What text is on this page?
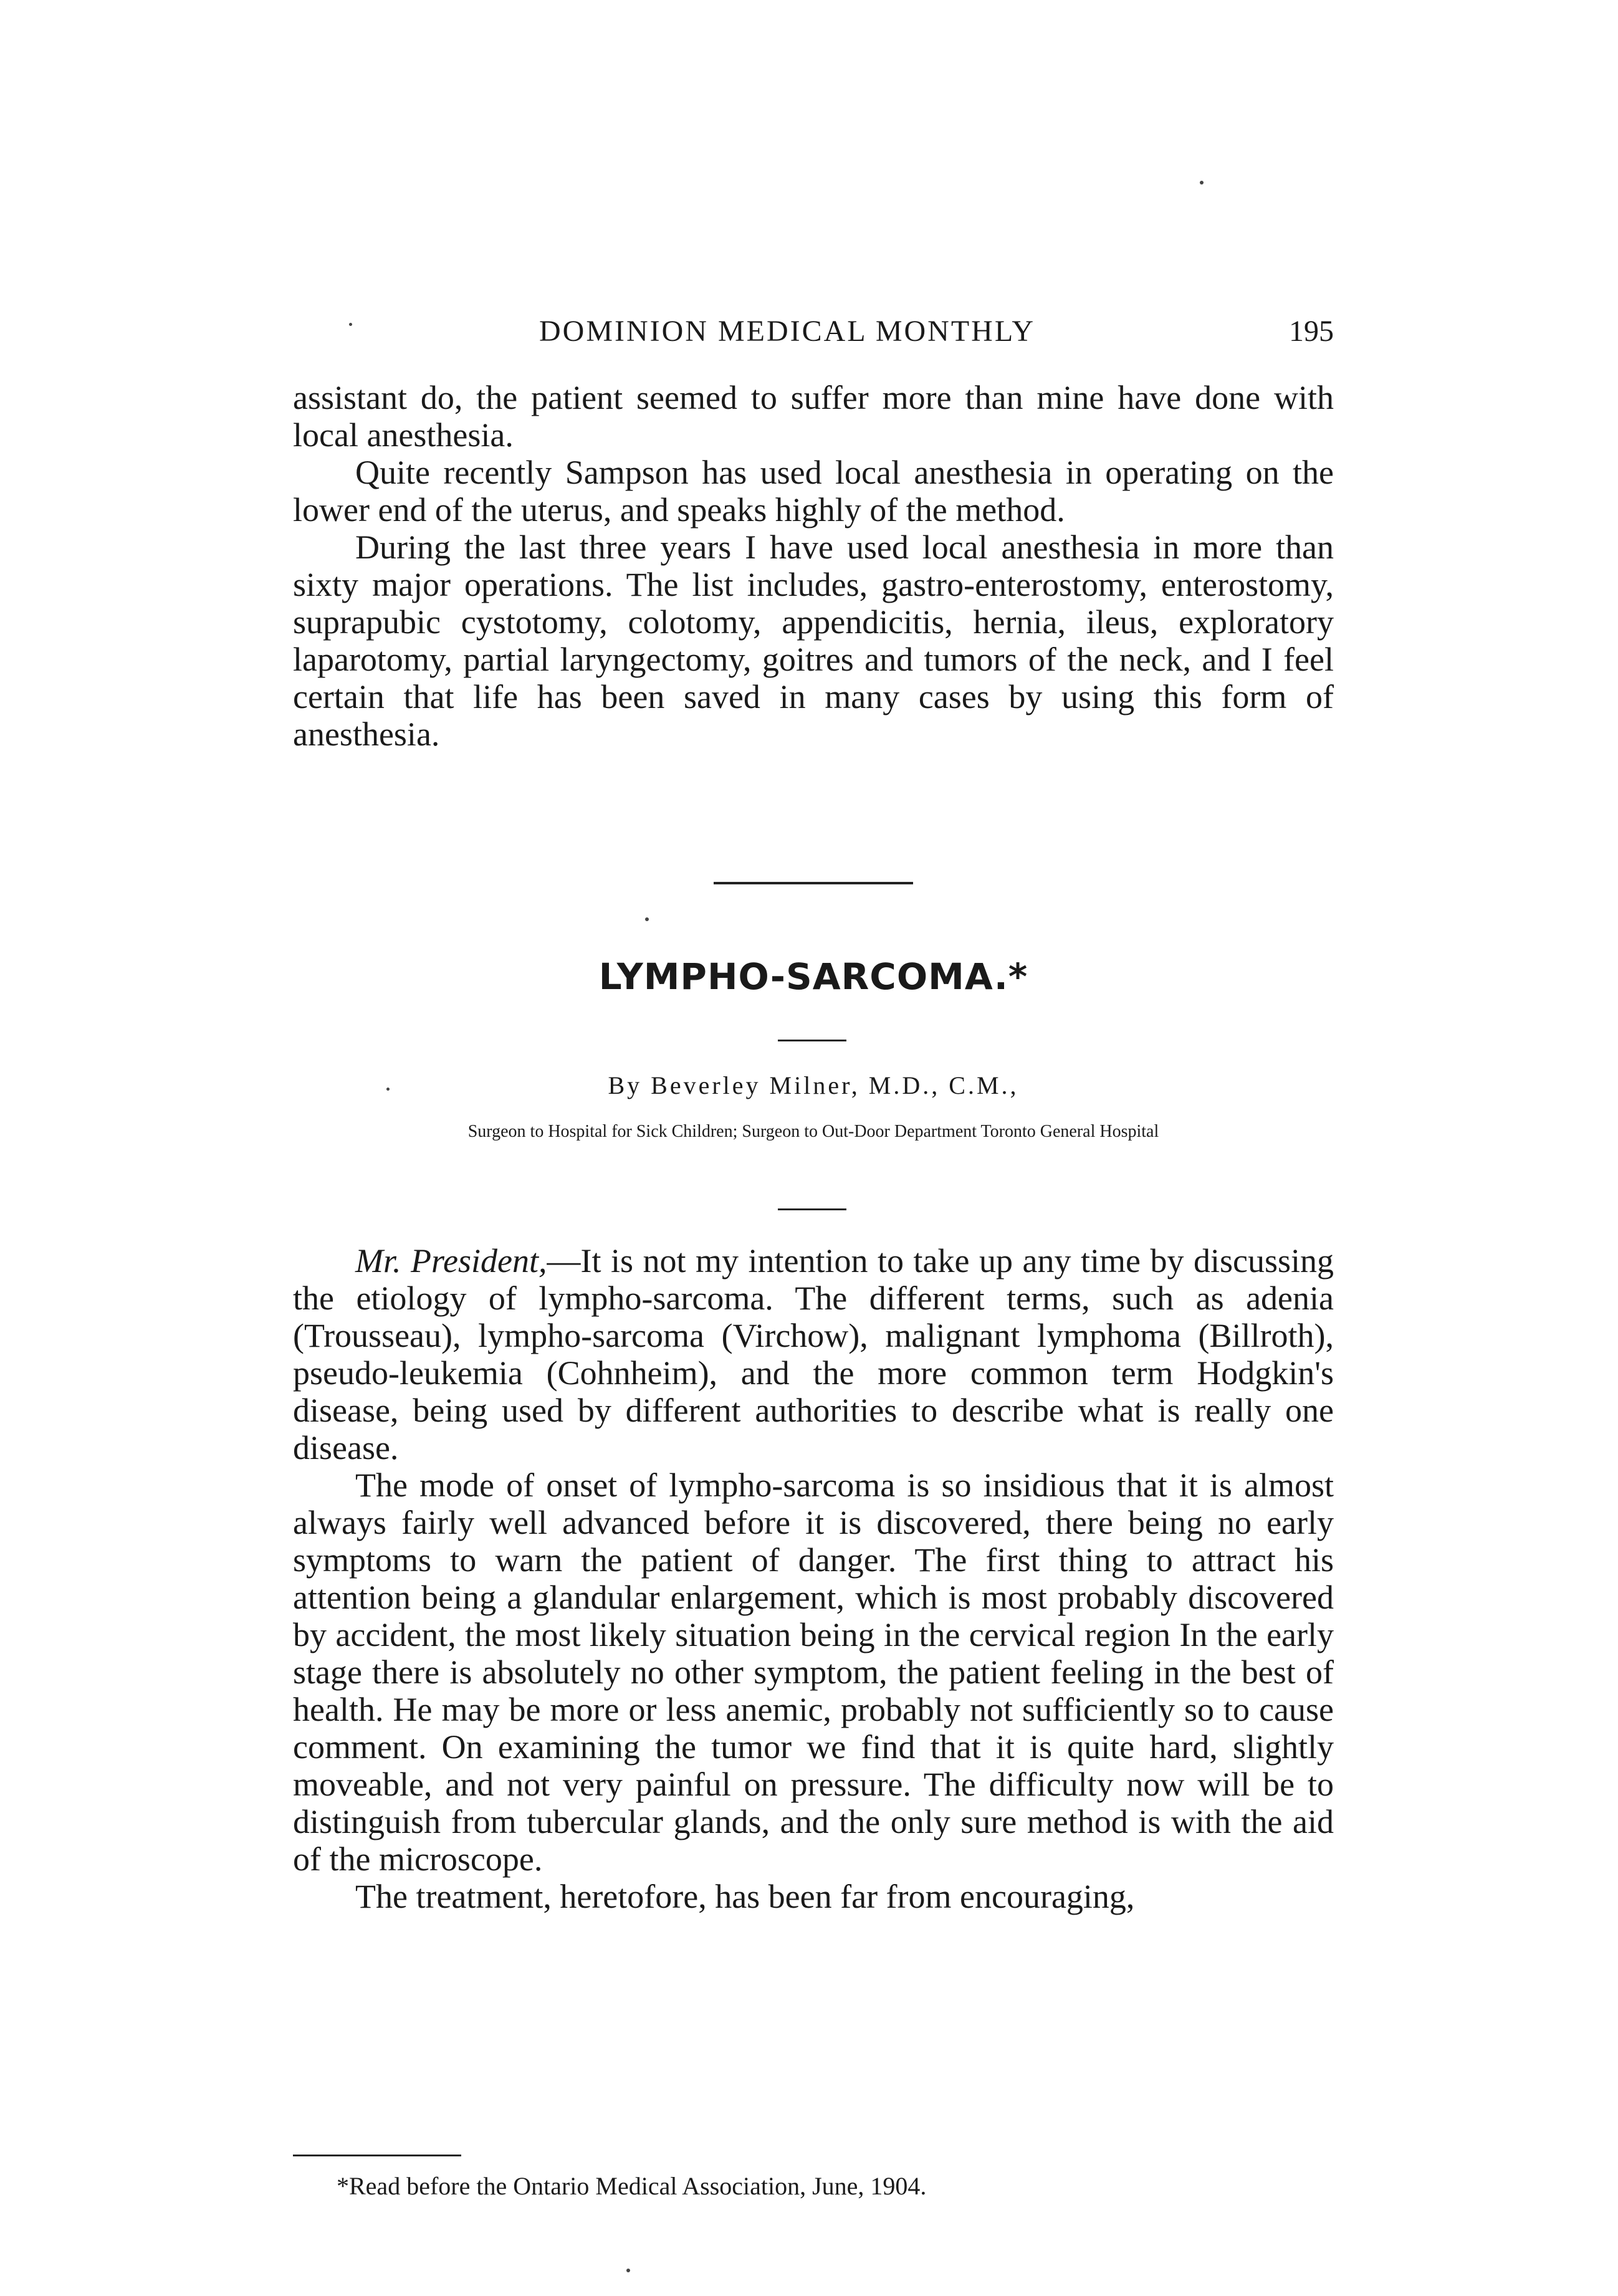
DOMINION MEDICAL MONTHLY	195

assistant do, the patient seemed to suffer more than mine have done with local anesthesia.

Quite recently Sampson has used local anesthesia in operating on the lower end of the uterus, and speaks highly of the method.

During the last three years I have used local anesthesia in more than sixty major operations. The list includes, gastro-enterostomy, enterostomy, suprapubic cystotomy, colotomy, appendicitis, hernia, ileus, exploratory laparotomy, partial laryngectomy, goitres and tumors of the neck, and I feel certain that life has been saved in many cases by using this form of anesthesia.

LYMPHO-SARCOMA.*
By Beverley Milner, M.D., C.M.,
Surgeon to Hospital for Sick Children; Surgeon to Out-Door Department Toronto General Hospital

Mr. President,—It is not my intention to take up any time by discussing the etiology of lympho-sarcoma. The different terms, such as adenia (Trousseau), lympho-sarcoma (Virchow), malignant lymphoma (Billroth), pseudo-leukemia (Cohnheim), and the more common term Hodgkin's disease, being used by different authorities to describe what is really one disease.

The mode of onset of lympho-sarcoma is so insidious that it is almost always fairly well advanced before it is discovered, there being no early symptoms to warn the patient of danger. The first thing to attract his attention being a glandular enlargement, which is most probably discovered by accident, the most likely situation being in the cervical region In the early stage there is absolutely no other symptom, the patient feeling in the best of health. He may be more or less anemic, probably not sufficiently so to cause comment. On examining the tumor we find that it is quite hard, slightly moveable, and not very painful on pressure. The difficulty now will be to distinguish from tubercular glands, and the only sure method is with the aid of the microscope.

The treatment, heretofore, has been far from encouraging,

*Read before the Ontario Medical Association, June, 1904.
